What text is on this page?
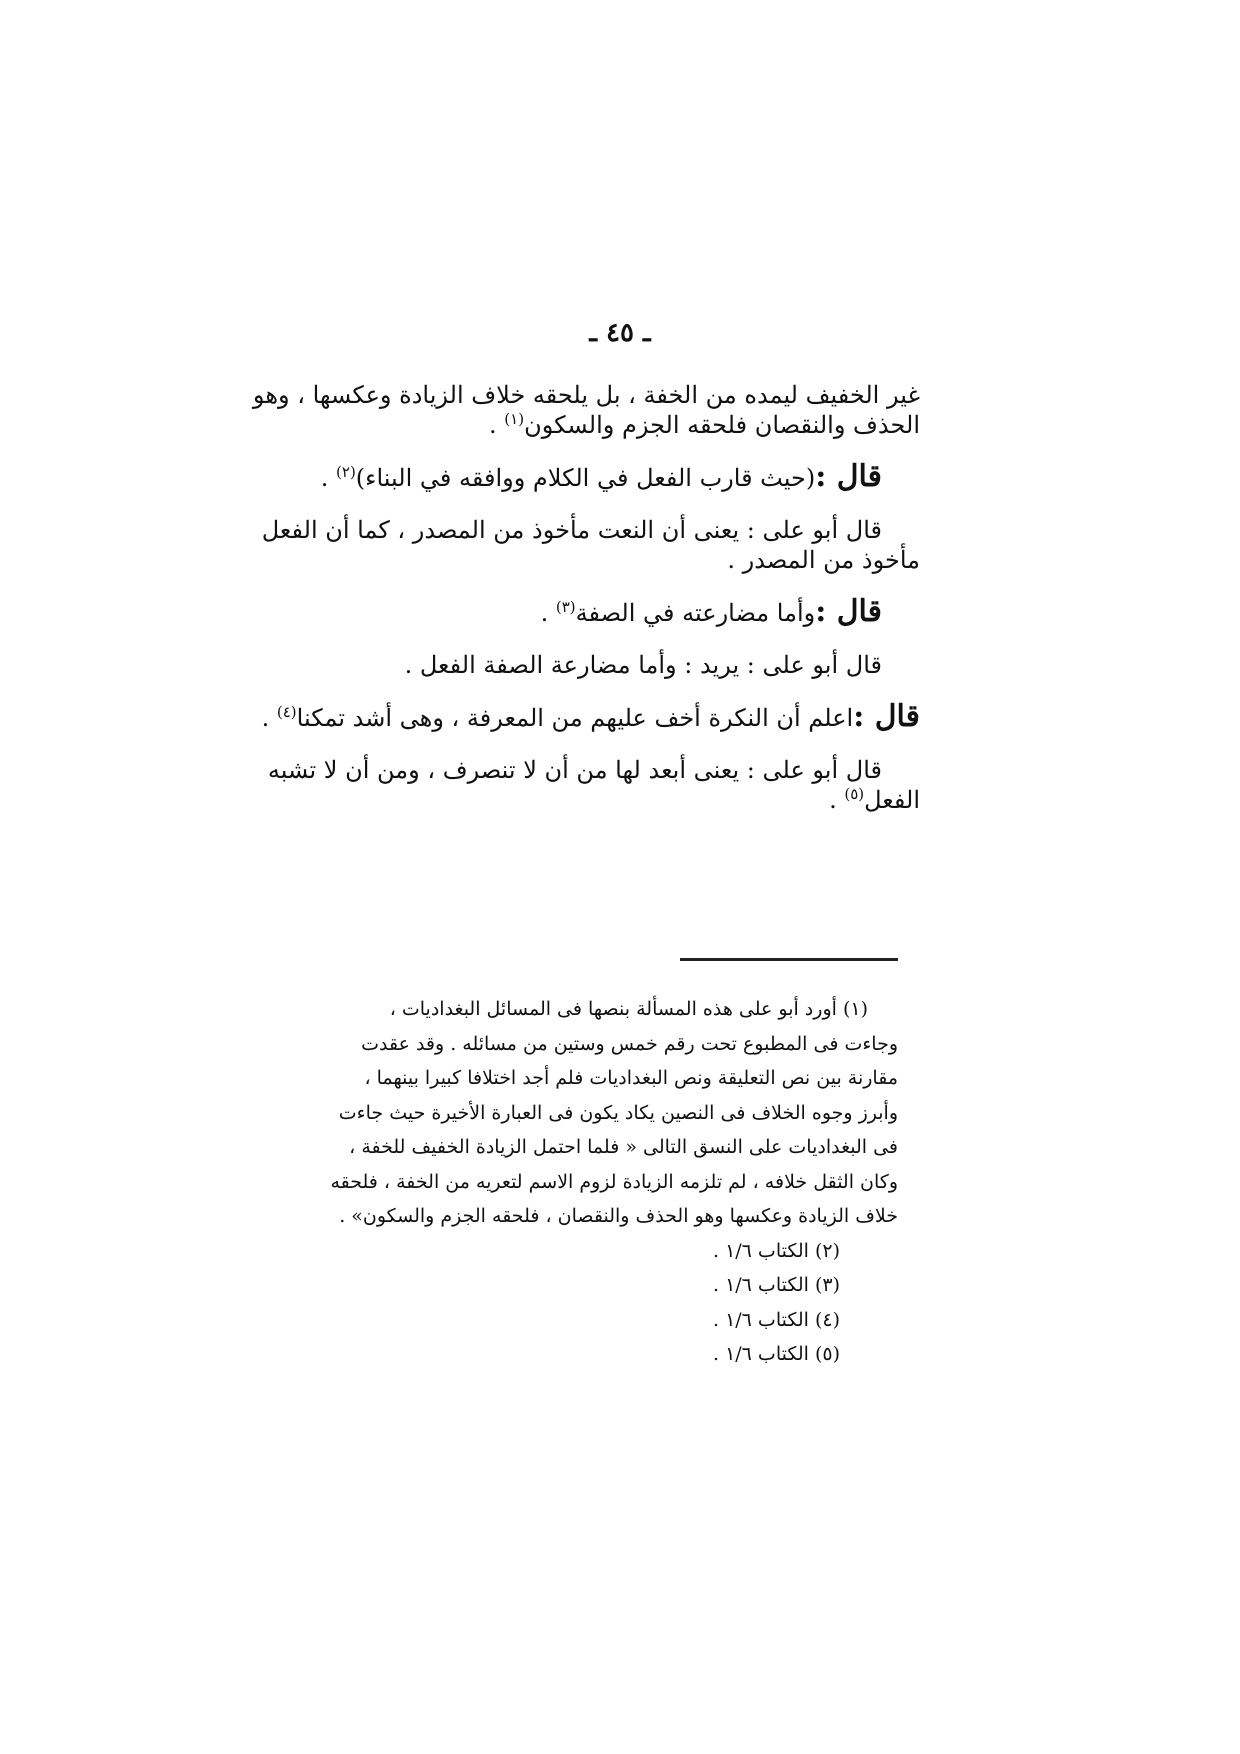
ـ ٤٥ ـ

غير الخفيف ليمده من الخفة ، بل يلحقه خلاف الزيادة وعكسها ، وهو

الحذف والنقصان فلحقه الجزم والسكون$^{(١)}$ .

قال :(حيث قارب الفعل في الكلام ووافقه في البناء)$^{(٢)}$ .

قال أبو على : يعنى أن النعت مأخوذ من المصدر ، كما أن الفعل

مأخوذ من المصدر .

قال :وأما مضارعته في الصفة$^{(٣)}$ .

قال أبو على : يريد : وأما مضارعة الصفة الفعل .

قال :اعلم أن النكرة أخف عليهم من المعرفة ، وهى أشد تمكنا$^{(٤)}$ .

قال أبو على : يعنى أبعد لها من أن لا تنصرف ، ومن أن لا تشبه

الفعل$^{(٥)}$ .

(١) أورد أبو على هذه المسألة بنصها فى المسائل البغداديات ،

وجاءت فى المطبوع تحت رقم خمس وستين من مسائله . وقد عقدت

مقارنة بين نص التعليقة ونص البغداديات فلم أجد اختلافا كبيرا بينهما ،

وأبرز وجوه الخلاف فى النصين يكاد يكون فى العبارة الأخيرة حيث جاءت

فى البغداديات على النسق التالى « فلما احتمل الزيادة الخفيف للخفة ،

وكان الثقل خلافه ، لم تلزمه الزيادة لزوم الاسم لتعريه من الخفة ، فلحقه

خلاف الزيادة وعكسها وهو الحذف والنقصان ، فلحقه الجزم والسكون» .

(٢) الكتاب ١/٦ .

(٣) الكتاب ١/٦ .

(٤) الكتاب ١/٦ .

(٥) الكتاب ١/٦ .
